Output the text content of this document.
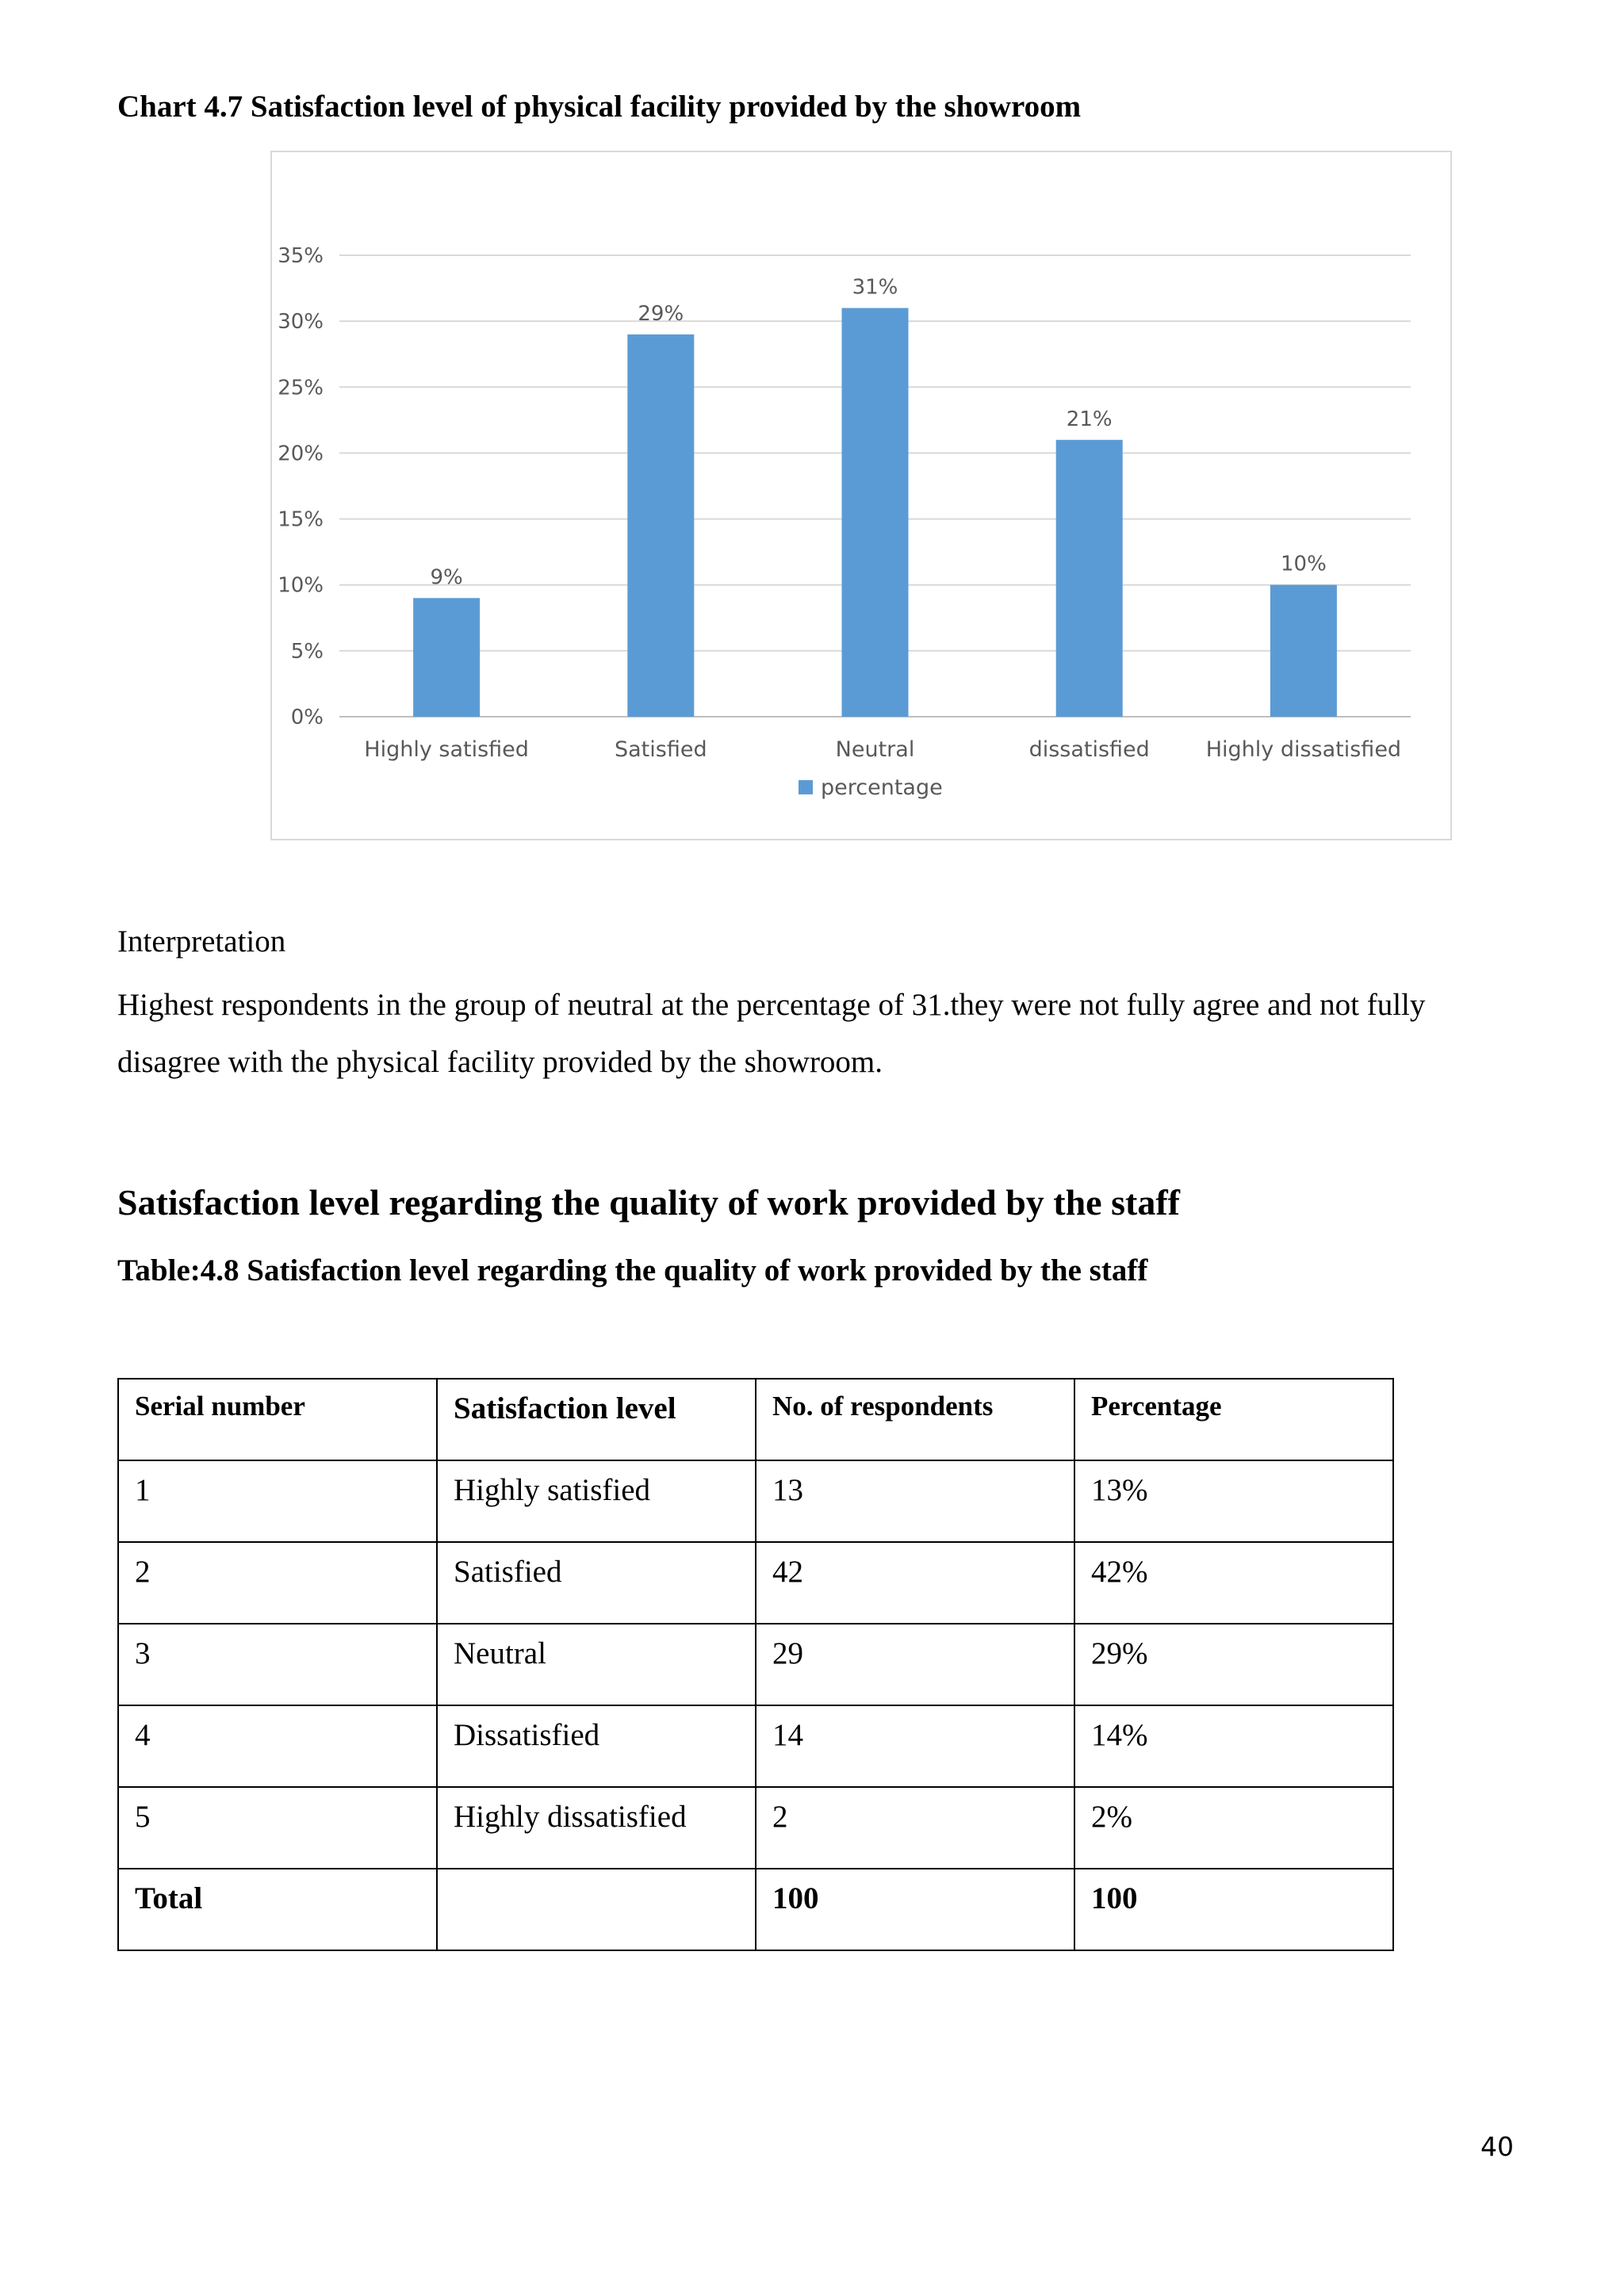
Chart 4.7 Satisfaction level of physical facility provided by the showroom
0%
5%
10%
15%
20%
25%
30%
35%
9%
Highly satisfied
29%
Satisfied
31%
Neutral
21%
dissatisfied
10%
Highly dissatisfied
percentage
Interpretation
Highest respondents in the group of neutral at the percentage of 31.they were not fully agree and not fully disagree with the physical facility provided by the showroom.
Satisfaction level regarding the quality of work provided by the staff
Table:4.8 Satisfaction level regarding the quality of work provided by the staff
Serial number	Satisfaction level	No. of respondents	Percentage
1	Highly satisfied	13	13%
2	Satisfied	42	42%
3	Neutral	29	29%
4	Dissatisfied	14	14%
5	Highly dissatisfied	2	2%
Total		100	100
40
